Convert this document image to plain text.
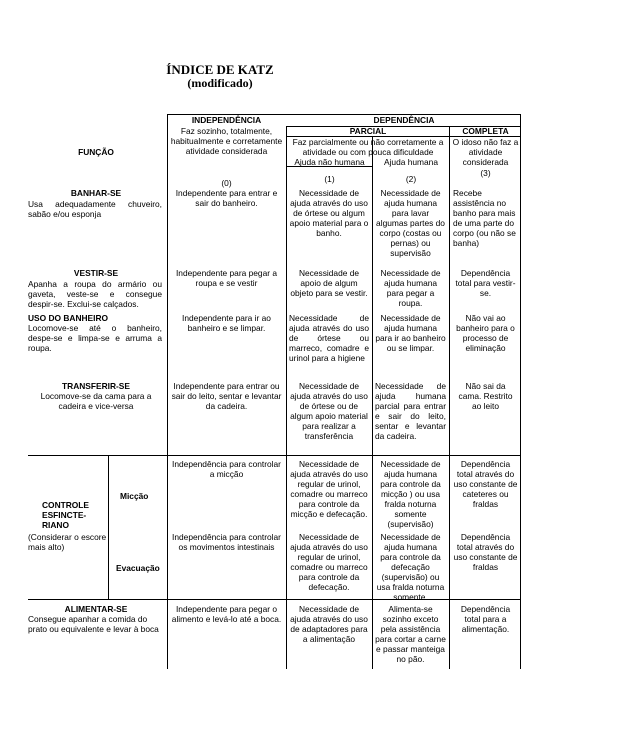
ÍNDICE DE KATZ
(modificado)
FUNÇÃO
INDEPENDÊNCIA
Faz sozinho, totalmente, habitualmente e corretamente atividade considerada
(0)
DEPENDÊNCIA
PARCIAL
Faz parcialmente ou não corretamente a atividade ou com pouca dificuldade
Ajuda não humana
(1)
Ajuda humana
(2)
COMPLETA
O idoso não faz a atividade considerada
(3)
BANHAR-SE
Usa adequadamente chuveiro, sabão e/ou esponja
Independente para entrar e sair do banheiro.
Necessidade de ajuda através do uso de órtese ou algum apoio material para o banho.
Necessidade de ajuda humana para lavar algumas partes do corpo (costas ou pernas) ou supervisão
Recebe assistência no banho para mais de uma parte do corpo (ou não se banha)
VESTIR-SE
Apanha a roupa do armário ou gaveta, veste-se e consegue despir-se. Exclui-se calçados.
Independente para pegar a roupa e se vestir
Necessidade de apoio de algum objeto para se vestir.
Necessidade de ajuda humana para pegar a roupa.
Dependência total para vestir-se.
USO DO BANHEIRO
Locomove-se até o banheiro, despe-se e limpa-se e arruma a roupa.
Independente para ir ao banheiro e se limpar.
Necessidade de ajuda através do uso de órtese ou marreco, comadre e urinol para a higiene
Necessidade de ajuda humana para ir ao banheiro ou se limpar.
Não vai ao banheiro para o processo de eliminação
TRANSFERIR-SE
Locomove-se da cama para a cadeira e vice-versa
Independente para entrar ou sair do leito, sentar e levantar da cadeira.
Necessidade de ajuda através do uso de órtese ou de algum apoio material para realizar a transferência
Necessidade de ajuda humana parcial para entrar e sair do leito, sentar e levantar da cadeira.
Não sai da cama. Restrito ao leito
CONTROLE ESFINCTE-RIANO
(Considerar o escore mais alto)
Micção
Evacuação
Independência para controlar a micção
Necessidade de ajuda através do uso regular de urinol, comadre ou marreco para controle da micção e defecação.
Necessidade de ajuda humana para controle da micção ) ou usa fralda noturna somente (supervisão)
Dependência total através do uso constante de cateteres ou fraldas
Independência para controlar os movimentos intestinais
Necessidade de ajuda através do uso regular de urinol, comadre ou marreco para controle da defecação.
Necessidade de ajuda humana para controle da defecação (supervisão) ou usa fralda noturna somente.
Dependência total através do uso constante de fraldas
ALIMENTAR-SE
Consegue apanhar a comida do prato ou equivalente e levar à boca
Independente para pegar o alimento e levá-lo até a boca.
Necessidade de ajuda através do uso de adaptadores para a alimentação
Alimenta-se sozinho exceto pela assistência para cortar a carne e passar manteiga no pão.
Dependência total para a alimentação.
